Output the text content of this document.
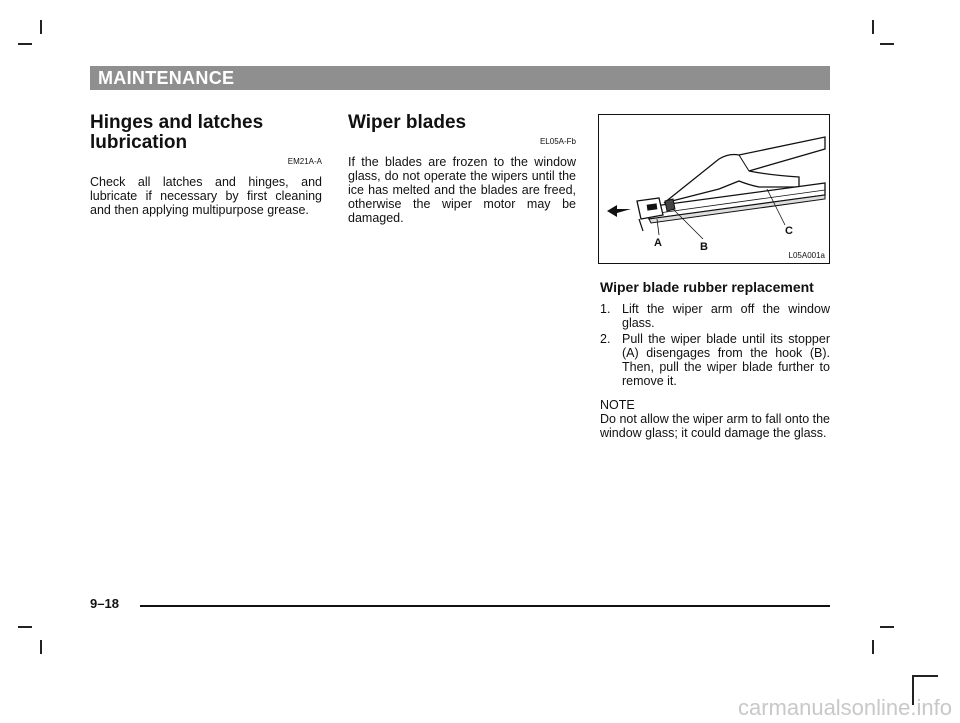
MAINTENANCE
Hinges and latches lubrication
EM21A-A

Check all latches and hinges, and lubricate if necessary by first cleaning and then applying multipurpose grease.

Wiper blades
EL05A-Fb

If the blades are frozen to the window glass, do not operate the wipers until the ice has melted and the blades are freed, otherwise the wiper motor may be damaged.

A	B
C
L05A001a
Wiper blade rubber replacement
1. Lift the wiper arm off the window glass.
2. Pull the wiper blade until its stopper (A) disengages from the hook (B). Then, pull the wiper blade further to remove it.
NOTE
Do not allow the wiper arm to fall onto the window glass; it could damage the glass.
9–18
carmanualsonline.info
